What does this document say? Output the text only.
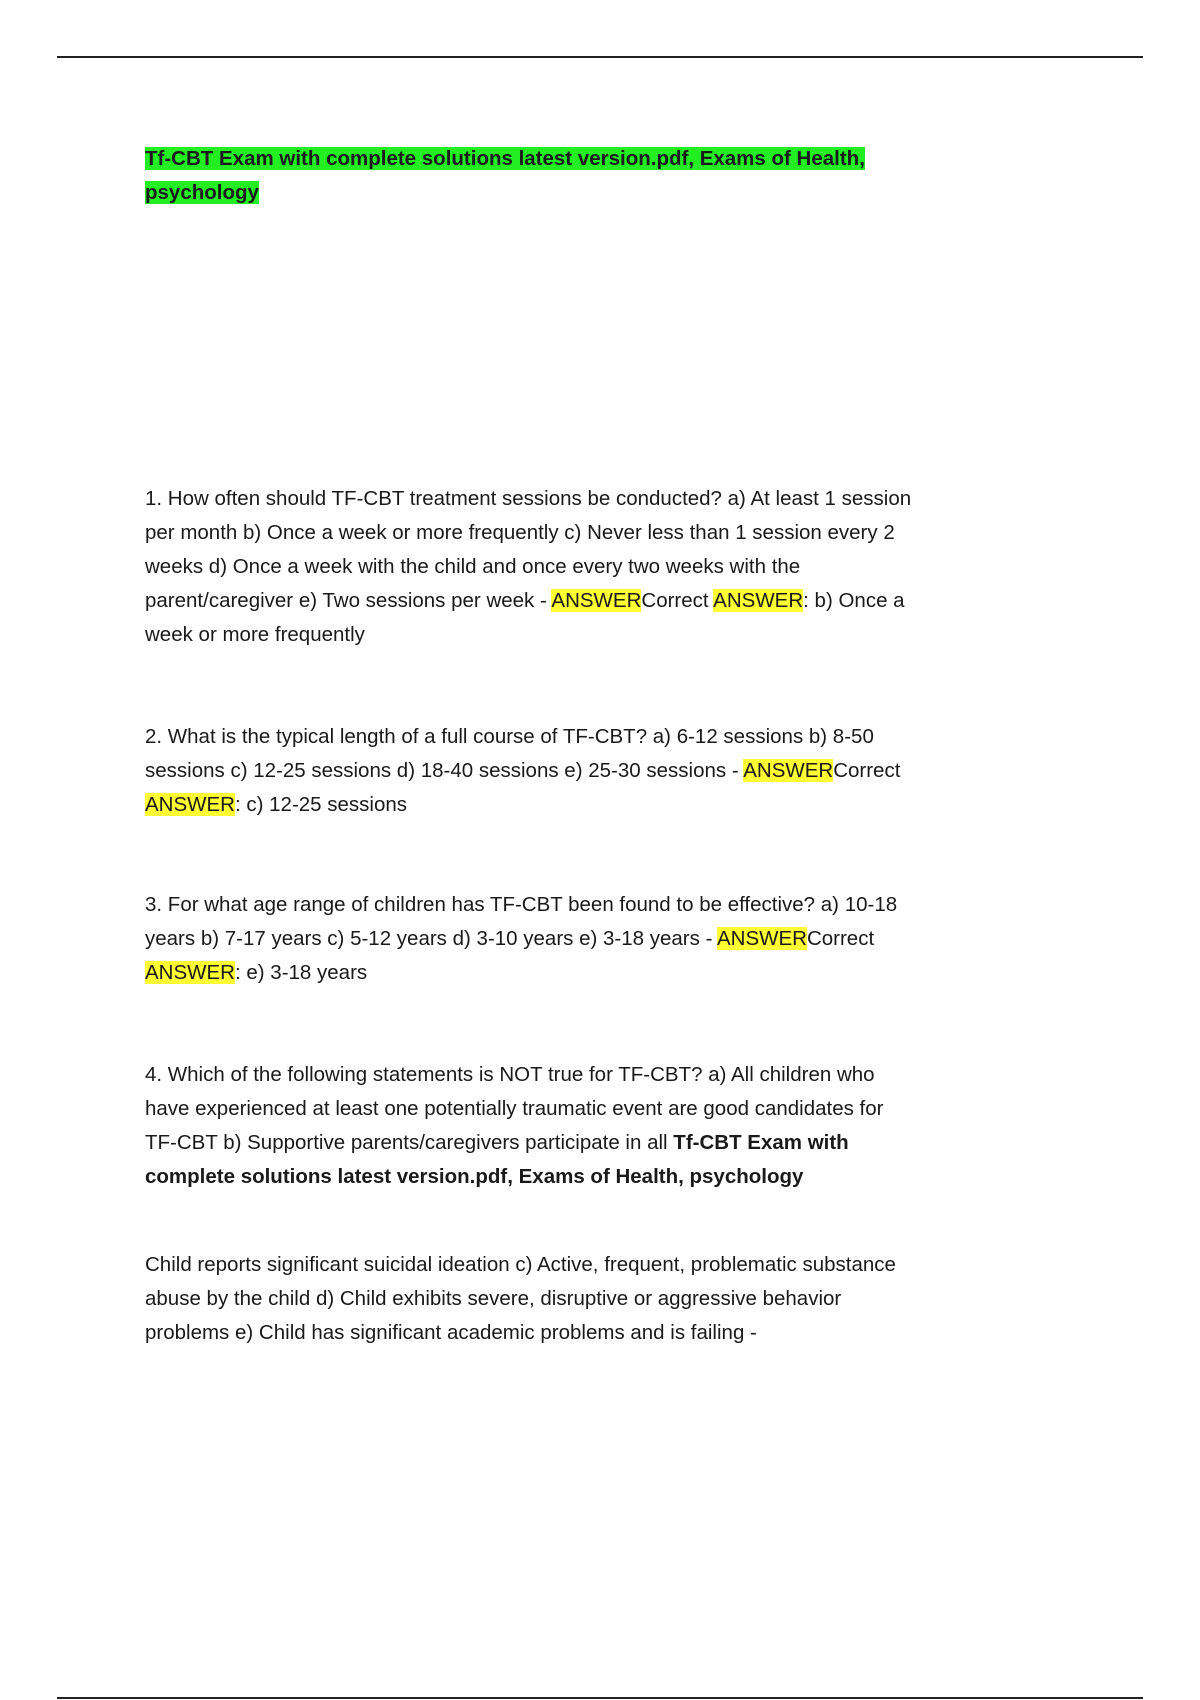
Tf-CBT Exam with complete solutions latest version.pdf, Exams of Health, psychology

1. How often should TF-CBT treatment sessions be conducted? a) At least 1 session per month b) Once a week or more frequently c) Never less than 1 session every 2 weeks d) Once a week with the child and once every two weeks with the parent/caregiver e) Two sessions per week - ANSWERCorrect ANSWER: b) Once a week or more frequently

2. What is the typical length of a full course of TF-CBT? a) 6-12 sessions b) 8-50 sessions c) 12-25 sessions d) 18-40 sessions e) 25-30 sessions - ANSWERCorrect ANSWER: c) 12-25 sessions

3. For what age range of children has TF-CBT been found to be effective? a) 10-18 years b) 7-17 years c) 5-12 years d) 3-10 years e) 3-18 years - ANSWERCorrect ANSWER: e) 3-18 years

4. Which of the following statements is NOT true for TF-CBT? a) All children who have experienced at least one potentially traumatic event are good candidates for TF-CBT b) Supportive parents/caregivers participate in all Tf-CBT Exam with complete solutions latest version.pdf, Exams of Health, psychology

Child reports significant suicidal ideation c) Active, frequent, problematic substance abuse by the child d) Child exhibits severe, disruptive or aggressive behavior problems e) Child has significant academic problems and is failing -
